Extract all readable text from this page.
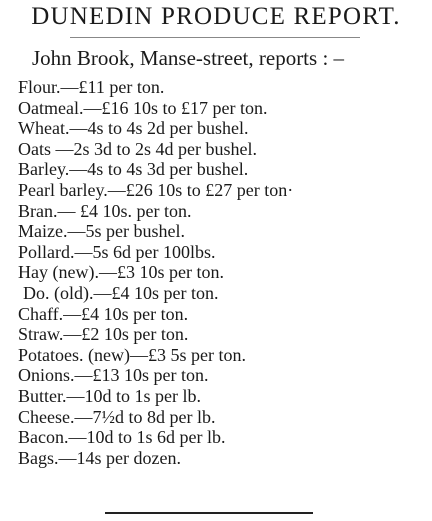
DUNEDIN PRODUCE REPORT.
John Brook, Manse-street, reports : –
Flour.—£11 per ton.
Oatmeal.—£16 10s to £17 per ton.
Wheat.—4s to 4s 2d per bushel.
Oats —2s 3d to 2s 4d per bushel.
Barley.—4s to 4s 3d per bushel.
Pearl barley.—£26 10s to £27 per ton·
Bran.— £4 10s. per ton.
Maize.—5s per bushel.
Pollard.—5s 6d per 100lbs.
Hay (new).—£3 10s per ton.
Do. (old).—£4 10s per ton.
Chaff.—£4 10s per ton.
Straw.—£2 10s per ton.
Potatoes. (new)—£3 5s per ton.
Onions.—£13 10s per ton.
Butter.—10d to 1s per lb.
Cheese.—7½d to 8d per lb.
Bacon.—10d to 1s 6d per lb.
Bags.—14s per dozen.
